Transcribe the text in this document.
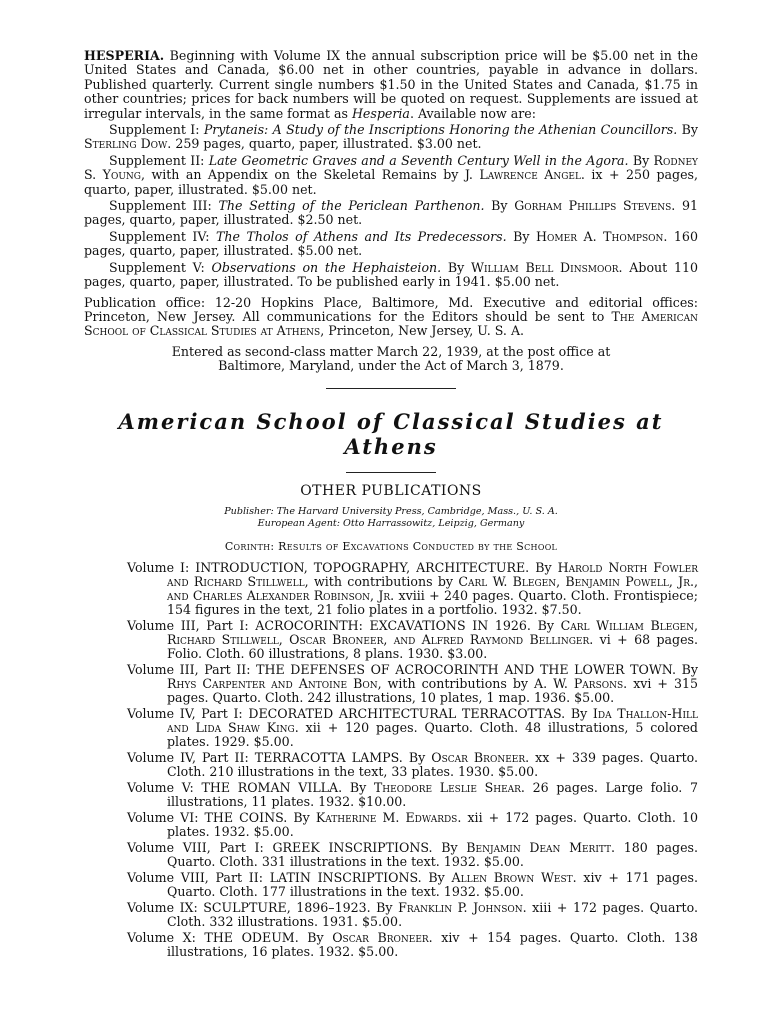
HESPERIA. Beginning with Volume IX the annual subscription price will be $5.00 net in the United States and Canada, $6.00 net in other countries, payable in advance in dollars. Published quarterly. Current single numbers $1.50 in the United States and Canada, $1.75 in other countries; prices for back numbers will be quoted on request. Supplements are issued at irregular intervals, in the same format as Hesperia. Available now are:

Supplement I: Prytaneis: A Study of the Inscriptions Honoring the Athenian Councillors. By Sterling Dow. 259 pages, quarto, paper, illustrated. $3.00 net.

Supplement II: Late Geometric Graves and a Seventh Century Well in the Agora. By Rodney S. Young, with an Appendix on the Skeletal Remains by J. Lawrence Angel. ix + 250 pages, quarto, paper, illustrated. $5.00 net.

Supplement III: The Setting of the Periclean Parthenon. By Gorham Phillips Stevens. 91 pages, quarto, paper, illustrated. $2.50 net.

Supplement IV: The Tholos of Athens and Its Predecessors. By Homer A. Thompson. 160 pages, quarto, paper, illustrated. $5.00 net.

Supplement V: Observations on the Hephaisteion. By William Bell Dinsmoor. About 110 pages, quarto, paper, illustrated. To be published early in 1941. $5.00 net.

Publication office: 12-20 Hopkins Place, Baltimore, Md. Executive and editorial offices: Princeton, New Jersey. All communications for the Editors should be sent to The American School of Classical Studies at Athens, Princeton, New Jersey, U. S. A.

Entered as second-class matter March 22, 1939, at the post office at
Baltimore, Maryland, under the Act of March 3, 1879.

American School of Classical Studies at Athens
OTHER PUBLICATIONS
Publisher: The Harvard University Press, Cambridge, Mass., U. S. A.
European Agent: Otto Harrassowitz, Leipzig, Germany
Corinth: Results of Excavations Conducted by the School

Volume I: INTRODUCTION, TOPOGRAPHY, ARCHITECTURE. By Harold North Fowler and Richard Stillwell, with contributions by Carl W. Blegen, Benjamin Powell, Jr., and Charles Alexander Robinson, Jr. xviii + 240 pages. Quarto. Cloth. Frontispiece; 154 figures in the text, 21 folio plates in a portfolio. 1932. $7.50.

Volume III, Part I: ACROCORINTH: EXCAVATIONS IN 1926. By Carl William Blegen, Richard Stillwell, Oscar Broneer, and Alfred Raymond Bellinger. vi + 68 pages. Folio. Cloth. 60 illustrations, 8 plans. 1930. $3.00.

Volume III, Part II: THE DEFENSES OF ACROCORINTH AND THE LOWER TOWN. By Rhys Carpenter and Antoine Bon, with contributions by A. W. Parsons. xvi + 315 pages. Quarto. Cloth. 242 illustrations, 10 plates, 1 map. 1936. $5.00.

Volume IV, Part I: DECORATED ARCHITECTURAL TERRACOTTAS. By Ida Thallon-Hill and Lida Shaw King. xii + 120 pages. Quarto. Cloth. 48 illustrations, 5 colored plates. 1929. $5.00.

Volume IV, Part II: TERRACOTTA LAMPS. By Oscar Broneer. xx + 339 pages. Quarto. Cloth. 210 illustrations in the text, 33 plates. 1930. $5.00.

Volume V: THE ROMAN VILLA. By Theodore Leslie Shear. 26 pages. Large folio. 7 illustrations, 11 plates. 1932. $10.00.

Volume VI: THE COINS. By Katherine M. Edwards. xii + 172 pages. Quarto. Cloth. 10 plates. 1932. $5.00.

Volume VIII, Part I: GREEK INSCRIPTIONS. By Benjamin Dean Meritt. 180 pages. Quarto. Cloth. 331 illustrations in the text. 1932. $5.00.

Volume VIII, Part II: LATIN INSCRIPTIONS. By Allen Brown West. xiv + 171 pages. Quarto. Cloth. 177 illustrations in the text. 1932. $5.00.

Volume IX: SCULPTURE, 1896–1923. By Franklin P. Johnson. xiii + 172 pages. Quarto. Cloth. 332 illustrations. 1931. $5.00.

Volume X: THE ODEUM. By Oscar Broneer. xiv + 154 pages. Quarto. Cloth. 138 illustrations, 16 plates. 1932. $5.00.
